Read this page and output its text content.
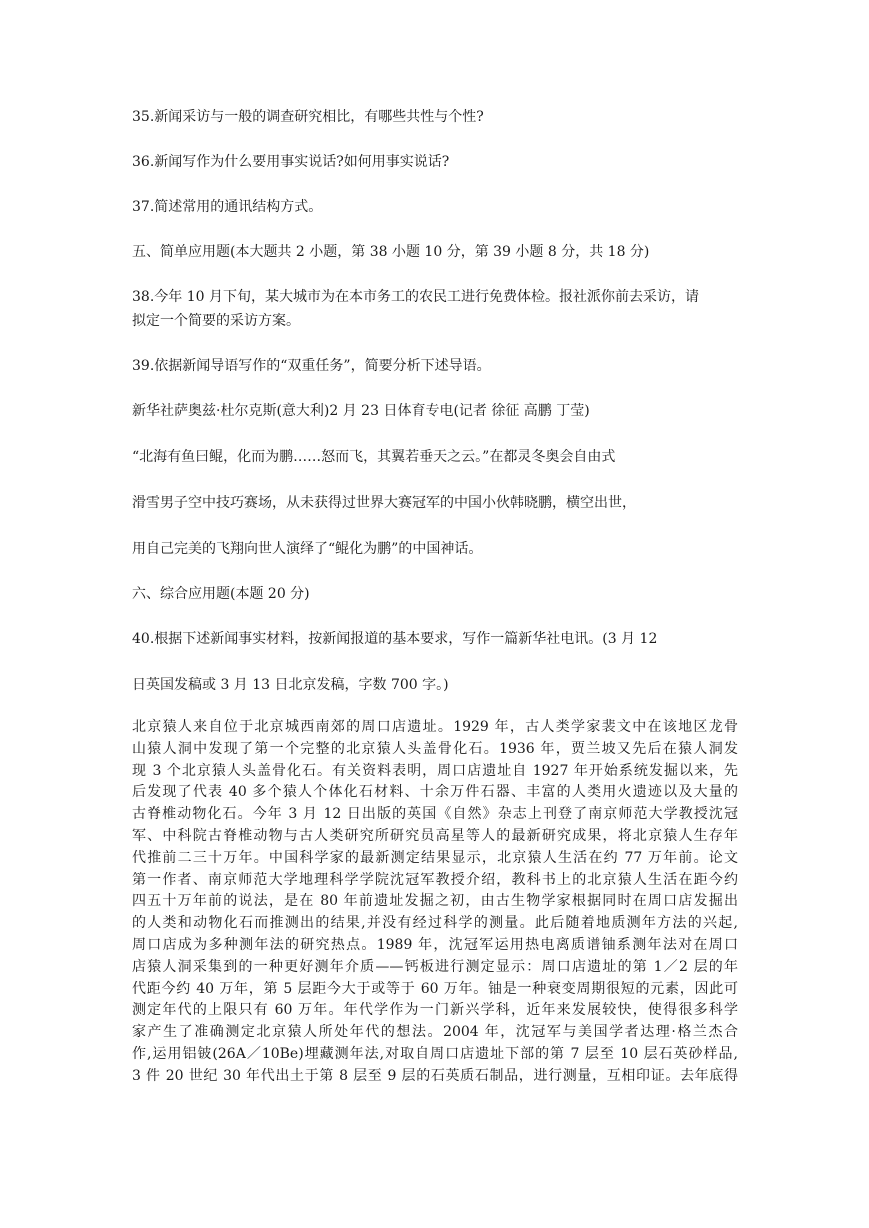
35.新闻采访与一般的调查研究相比，有哪些共性与个性?
36.新闻写作为什么要用事实说话?如何用事实说话?
37.简述常用的通讯结构方式。
五、简单应用题(本大题共 2 小题，第 38 小题 10 分，第 39 小题 8 分，共 18 分)
38.今年 10 月下旬，某大城市为在本市务工的农民工进行免费体检。报社派你前去采访，请
拟定一个简要的采访方案。
39.依据新闻导语写作的“双重任务”，简要分析下述导语。
新华社萨奥兹·杜尔克斯(意大利)2 月 23 日体育专电(记者 徐征 高鹏 丁莹)
“北海有鱼曰鲲，化而为鹏……怒而飞，其翼若垂天之云。”在都灵冬奥会自由式
滑雪男子空中技巧赛场，从未获得过世界大赛冠军的中国小伙韩晓鹏，横空出世，
用自己完美的飞翔向世人演绎了“鲲化为鹏”的中国神话。
六、综合应用题(本题 20 分)
40.根据下述新闻事实材料，按新闻报道的基本要求，写作一篇新华社电讯。(3 月 12
日英国发稿或 3 月 13 日北京发稿，字数 700 字。)

北京猿人来自位于北京城西南郊的周口店遗址。1929 年，古人类学家裴文中在该地区龙骨

山猿人洞中发现了第一个完整的北京猿人头盖骨化石。1936 年，贾兰坡又先后在猿人洞发

现 3 个北京猿人头盖骨化石。有关资料表明，周口店遗址自 1927 年开始系统发掘以来，先

后发现了代表 40 多个猿人个体化石材料、十余万件石器、丰富的人类用火遗迹以及大量的

古脊椎动物化石。今年 3 月 12 日出版的英国《自然》杂志上刊登了南京师范大学教授沈冠

军、中科院古脊椎动物与古人类研究所研究员高星等人的最新研究成果，将北京猿人生存年

代推前二三十万年。中国科学家的最新测定结果显示，北京猿人生活在约 77 万年前。论文

第一作者、南京师范大学地理科学学院沈冠军教授介绍，教科书上的北京猿人生活在距今约

四五十万年前的说法，是在 80 年前遗址发掘之初，由古生物学家根据同时在周口店发掘出

的人类和动物化石而推测出的结果,并没有经过科学的测量。此后随着地质测年方法的兴起,

周口店成为多种测年法的研究热点。1989 年，沈冠军运用热电离质谱铀系测年法对在周口

店猿人洞采集到的一种更好测年介质——钙板进行测定显示：周口店遗址的第 1／2 层的年

代距今约 40 万年，第 5 层距今大于或等于 60 万年。铀是一种衰变周期很短的元素，因此可

测定年代的上限只有 60 万年。年代学作为一门新兴学科，近年来发展较快，使得很多科学

家产生了准确测定北京猿人所处年代的想法。2004 年，沈冠军与美国学者达理·格兰杰合

作,运用铝铍(26A／10Be)埋藏测年法,对取自周口店遗址下部的第 7 层至 10 层石英砂样品,

3 件 20 世纪 30 年代出土于第 8 层至 9 层的石英质石制品，进行测量，互相印证。去年底得
